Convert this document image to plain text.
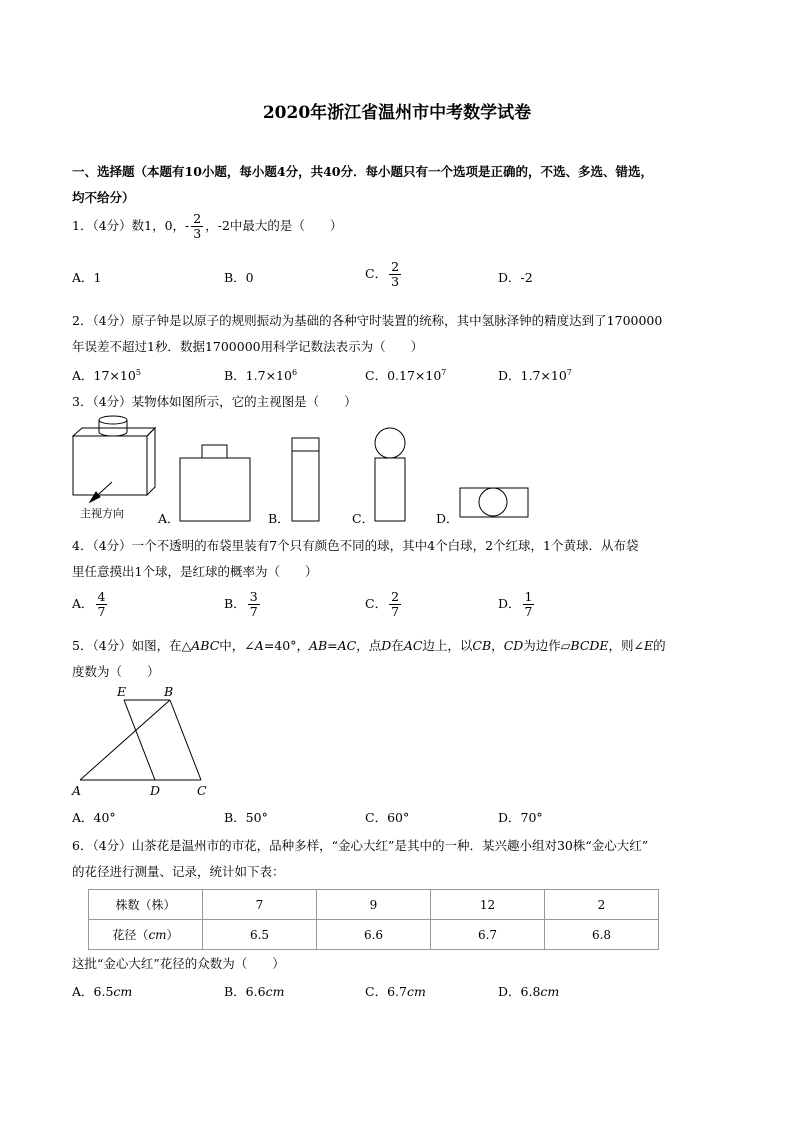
2020年浙江省温州市中考数学试卷
一、选择题（本题有10小题，每小题4分，共40分．每小题只有一个选项是正确的，不选、多选、错选，
均不给分）
1．（4分）数1，0，- $\frac{2}{3}$ ，-2中最大的是（　　）
A．1	B．0	C． $\frac{2}{3}$	D．-2
2．（4分）原子钟是以原子的规则振动为基础的各种守时装置的统称，其中氢脉泽钟的精度达到了1700000
年误差不超过1秒．数据1700000用科学记数法表示为（　　）
A．$17\times 10^5$	B．$1.7\times 10^6$	C．$0.17\times 10^7$	D．$1.7\times 10^7$
3．（4分）某物体如图所示，它的主视图是（　　）
主视方向	A．	B．	C．	D．
4．（4分）一个不透明的布袋里装有7个只有颜色不同的球，其中4个白球，2个红球，1个黄球．从布袋
里任意摸出1个球，是红球的概率为（　　）
A． $\frac{4}{7}$	B． $\frac{3}{7}$	C． $\frac{2}{7}$	D． $\frac{1}{7}$
5．（4分）如图，在△ABC中，∠A=40°，AB=AC，点D在AC边上，以CB，CD为边作▱BCDE，则∠E的
度数为（　　）
E	B
A	D	C
A．40°	B．50°	C．60°	D．70°
6．（4分）山茶花是温州市的市花，品种多样，“金心大红”是其中的一种．某兴趣小组对30株“金心大红”
的花径进行测量、记录，统计如下表：
株数（株）	7	9	12	2
花径（cm）	6.5	6.6	6.7	6.8
这批“金心大红”花径的众数为（　　）
A．6.5cm	B．6.6cm	C．6.7cm	D．6.8cm
